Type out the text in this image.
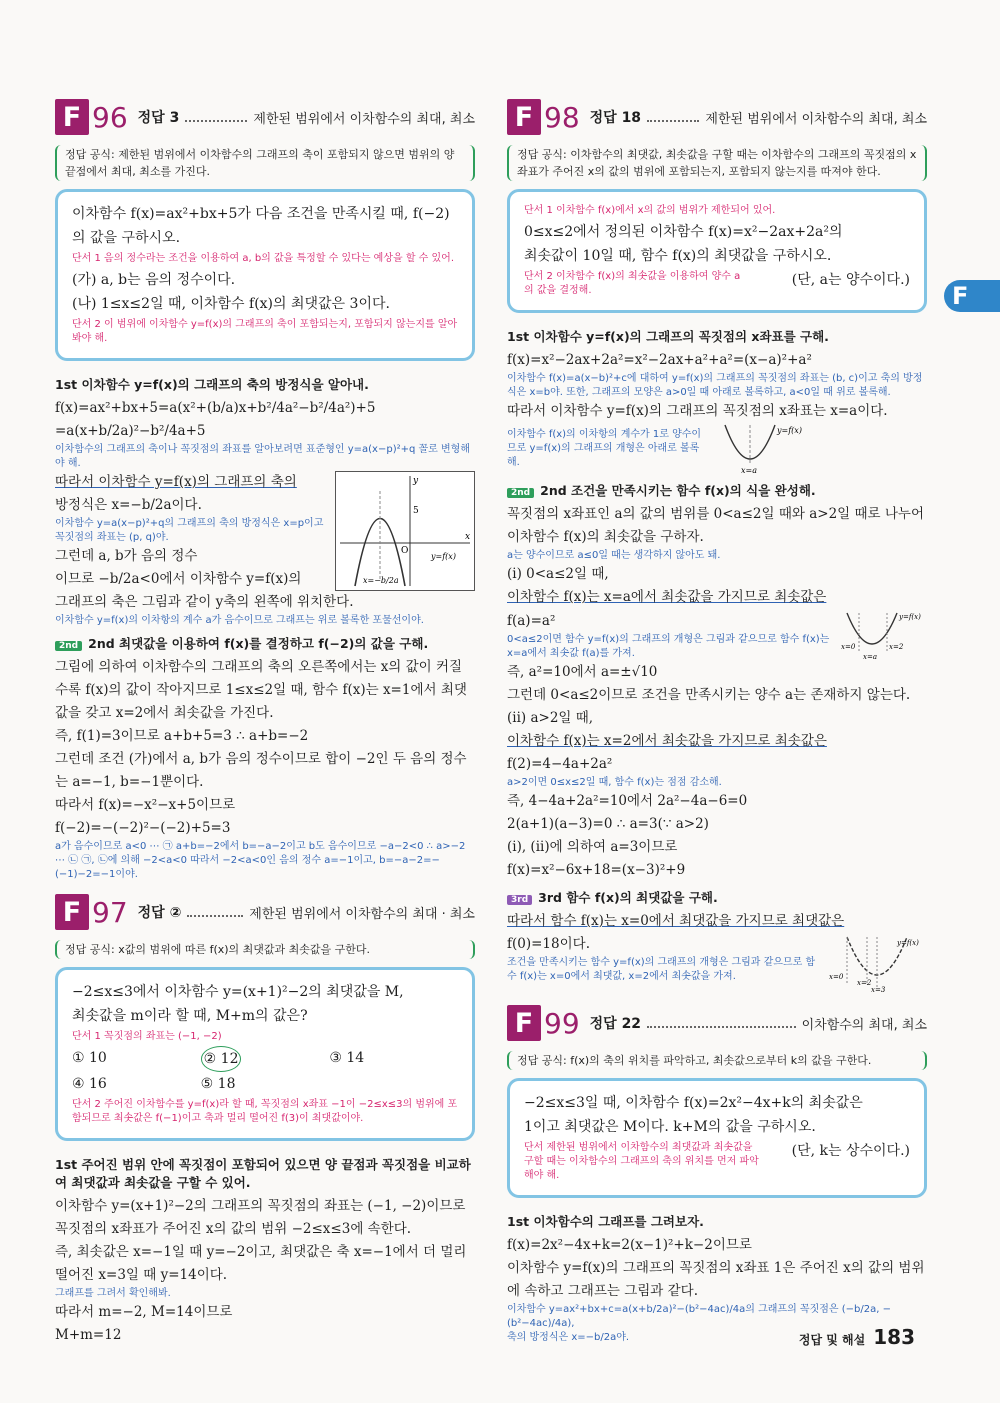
F
F 96 정답 3	제한된 범위에서 이차함수의 최대, 최소
정답 공식: 제한된 범위에서 이차함수의 그래프의 축이 포함되지 않으면 범위의 양 끝점에서 최대, 최소를 가진다.
이차함수 f(x)=ax²+bx+5가 다음 조건을 만족시킬 때, f(−2)의 값을 구하시오.
단서 1 음의 정수라는 조건을 이용하여 a, b의 값을 특정할 수 있다는 예상을 할 수 있어.
(가) a, b는 음의 정수이다.
(나) 1≤x≤2일 때, 이차함수 f(x)의 최댓값은 3이다.
단서 2 이 범위에 이차함수 y=f(x)의 그래프의 축이 포함되는지, 포함되지 않는지를 알아봐야 해.
1st 이차함수 y=f(x)의 그래프의 축의 방정식을 알아내.
f(x)=ax²+bx+5=a(x²+(b/a)x+b²/4a²−b²/4a²)+5
=a(x+b/2a)²−b²/4a+5
이차함수의 그래프의 축이나 꼭짓점의 좌표를 알아보려면 표준형인 y=a(x−p)²+q 꼴로 변형해야 해.
따라서 이차함수 y=f(x)의 그래프의 축의
방정식은 x=−b/2a이다.
이차함수 y=a(x−p)²+q의 그래프의 축의 방정식은 x=p이고 꼭짓점의 좌표는 (p, q)야.
그런데 a, b가 음의 정수
이므로 −b/2a<0에서 이차함수 y=f(x)의
x
y
5
O
y=f(x)
x=−b/2a
그래프의 축은 그림과 같이 y축의 왼쪽에 위치한다.
이차함수 y=f(x)의 이차항의 계수 a가 음수이므로 그래프는 위로 볼록한 포물선이야.
2nd 2nd 최댓값을 이용하여 f(x)를 결정하고 f(−2)의 값을 구해.
그림에 의하여 이차함수의 그래프의 축의 오른쪽에서는 x의 값이 커질수록 f(x)의 값이 작아지므로 1≤x≤2일 때, 함수 f(x)는 x=1에서 최댓값을 갖고 x=2에서 최솟값을 가진다.
즉, f(1)=3이므로 a+b+5=3 ∴ a+b=−2
그런데 조건 (가)에서 a, b가 음의 정수이므로 합이 −2인 두 음의 정수는 a=−1, b=−1뿐이다.
따라서 f(x)=−x²−x+5이므로
f(−2)=−(−2)²−(−2)+5=3
a가 음수이므로 a<0 ⋯ ㉠ a+b=−2에서 b=−a−2이고 b도 음수이므로 −a−2<0 ∴ a>−2 ⋯ ㉡ ㉠, ㉡에 의해 −2<a<0 따라서 −2<a<0인 음의 정수 a=−1이고, b=−a−2=−(−1)−2=−1이야.
F 97 정답 ②	제한된 범위에서 이차함수의 최대 · 최소
정답 공식: x값의 범위에 따른 f(x)의 최댓값과 최솟값을 구한다.
−2≤x≤3에서 이차함수 y=(x+1)²−2의 최댓값을 M,
최솟값을 m이라 할 때, M+m의 값은?
단서 1 꼭짓점의 좌표는 (−1, −2)
① 10	② 12	③ 14
④ 16	⑤ 18
단서 2 주어진 이차함수를 y=f(x)라 할 때, 꼭짓점의 x좌표 −1이 −2≤x≤3의 범위에 포함되므로 최솟값은 f(−1)이고 축과 멀리 떨어진 f(3)이 최댓값이야.
1st 주어진 범위 안에 꼭짓점이 포함되어 있으면 양 끝점과 꼭짓점을 비교하여 최댓값과 최솟값을 구할 수 있어.
이차함수 y=(x+1)²−2의 그래프의 꼭짓점의 좌표는 (−1, −2)이므로 꼭짓점의 x좌표가 주어진 x의 값의 범위 −2≤x≤3에 속한다.
즉, 최솟값은 x=−1일 때 y=−2이고, 최댓값은 축 x=−1에서 더 멀리 떨어진 x=3일 때 y=14이다.
그래프를 그려서 확인해봐.
따라서 m=−2, M=14이므로
M+m=12
F 98 정답 18	제한된 범위에서 이차함수의 최대, 최소
정답 공식: 이차함수의 최댓값, 최솟값을 구할 때는 이차함수의 그래프의 꼭짓점의 x좌표가 주어진 x의 값의 범위에 포함되는지, 포함되지 않는지를 따져야 한다.
단서 1 이차함수 f(x)에서 x의 값의 범위가 제한되어 있어.
0≤x≤2에서 정의된 이차함수 f(x)=x²−2ax+2a²의
최솟값이 10일 때, 함수 f(x)의 최댓값을 구하시오.
단서 2 이차함수 f(x)의 최솟값을 이용하여 양수 a의 값을 결정해.
(단, a는 양수이다.)
1st 이차함수 y=f(x)의 그래프의 꼭짓점의 x좌표를 구해.
f(x)=x²−2ax+2a²=x²−2ax+a²+a²=(x−a)²+a²
이차함수 f(x)=a(x−b)²+c에 대하여 y=f(x)의 그래프의 꼭짓점의 좌표는 (b, c)이고 축의 방정식은 x=b야. 또한, 그래프의 모양은 a>0일 때 아래로 볼록하고, a<0일 때 위로 볼록해.
따라서 이차함수 y=f(x)의 그래프의 꼭짓점의 x좌표는 x=a이다.
이차함수 f(x)의 이차항의 계수가 1로 양수이므로 y=f(x)의 그래프의 개형은 아래로 볼록해.
y=f(x)
x=a
2nd 2nd 조건을 만족시키는 함수 f(x)의 식을 완성해.
꼭짓점의 x좌표인 a의 값의 범위를 0<a≤2일 때와 a>2일 때로 나누어 이차함수 f(x)의 최솟값을 구하자.
a는 양수이므로 a≤0일 때는 생각하지 않아도 돼.
(i) 0<a≤2일 때,
이차함수 f(x)는 x=a에서 최솟값을 가지므로 최솟값은
f(a)=a²
0<a≤2이면 함수 y=f(x)의 그래프의 개형은 그림과 같으므로 함수 f(x)는 x=a에서 최솟값 f(a)를 가져.
y=f(x)
x=0	x=2
x=a
즉, a²=10에서 a=±√10
그런데 0<a≤2이므로 조건을 만족시키는 양수 a는 존재하지 않는다.
(ii) a>2일 때,
이차함수 f(x)는 x=2에서 최솟값을 가지므로 최솟값은
f(2)=4−4a+2a²
a>2이면 0≤x≤2일 때, 함수 f(x)는 점점 감소해.
즉, 4−4a+2a²=10에서 2a²−4a−6=0
2(a+1)(a−3)=0 ∴ a=3(∵ a>2)
(i), (ii)에 의하여 a=3이므로
f(x)=x²−6x+18=(x−3)²+9
3rd 3rd 함수 f(x)의 최댓값을 구해.
따라서 함수 f(x)는 x=0에서 최댓값을 가지므로 최댓값은
f(0)=18이다.
조건을 만족시키는 함수 y=f(x)의 그래프의 개형은 그림과 같으므로 함수 f(x)는 x=0에서 최댓값, x=2에서 최솟값을 가져.
y=f(x)
x=0
x=2
x=3
F 99 정답 22	이차함수의 최대, 최소
정답 공식: f(x)의 축의 위치를 파악하고, 최솟값으로부터 k의 값을 구한다.
−2≤x≤3일 때, 이차함수 f(x)=2x²−4x+k의 최솟값은
1이고 최댓값은 M이다. k+M의 값을 구하시오.
단서 제한된 범위에서 이차함수의 최댓값과 최솟값을 구할 때는 이차함수의 그래프의 축의 위치를 먼저 파악해야 해.
(단, k는 상수이다.)
1st 이차함수의 그래프를 그려보자.
f(x)=2x²−4x+k=2(x−1)²+k−2이므로
이차함수 y=f(x)의 그래프의 꼭짓점의 x좌표 1은 주어진 x의 값의 범위에 속하고 그래프는 그림과 같다.
이차함수 y=ax²+bx+c=a(x+b/2a)²−(b²−4ac)/4a의 그래프의 꼭짓점은 (−b/2a, −(b²−4ac)/4a),
축의 방정식은 x=−b/2a야.	정답 및 해설 183
